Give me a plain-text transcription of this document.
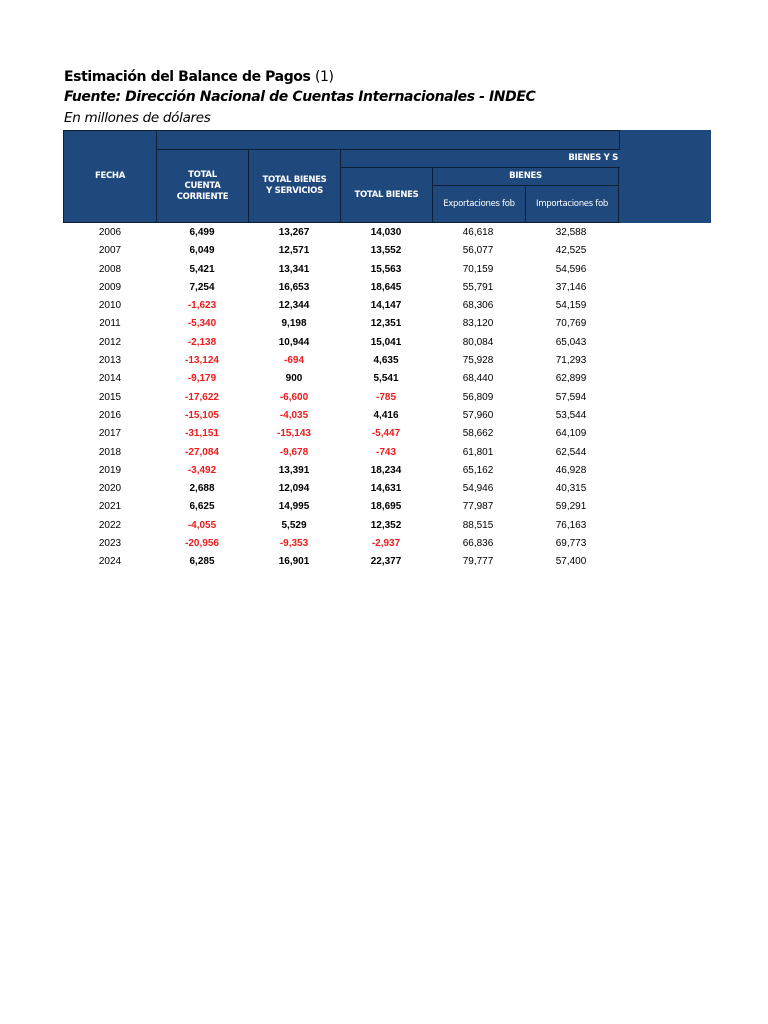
Estimación del Balance de Pagos (1)
Fuente: Dirección Nacional de Cuentas Internacionales - INDEC
En millones de dólares
FECHA	TOTAL CUENTA CORRIENTE
TOTAL BIENES Y SERVICIOS
BIENES Y S
TOTAL BIENES
BIENES
Exportaciones fob	Importaciones fob
2006	6,499	13,267	14,030	46,618	32,588
2007	6,049	12,571	13,552	56,077	42,525
2008	5,421	13,341	15,563	70,159	54,596
2009	7,254	16,653	18,645	55,791	37,146
2010	-1,623	12,344	14,147	68,306	54,159
2011	-5,340	9,198	12,351	83,120	70,769
2012	-2,138	10,944	15,041	80,084	65,043
2013	-13,124	-694	4,635	75,928	71,293
2014	-9,179	900	5,541	68,440	62,899
2015	-17,622	-6,600	-785	56,809	57,594
2016	-15,105	-4,035	4,416	57,960	53,544
2017	-31,151	-15,143	-5,447	58,662	64,109
2018	-27,084	-9,678	-743	61,801	62,544
2019	-3,492	13,391	18,234	65,162	46,928
2020	2,688	12,094	14,631	54,946	40,315
2021	6,625	14,995	18,695	77,987	59,291
2022	-4,055	5,529	12,352	88,515	76,163
2023	-20,956	-9,353	-2,937	66,836	69,773
2024	6,285	16,901	22,377	79,777	57,400
